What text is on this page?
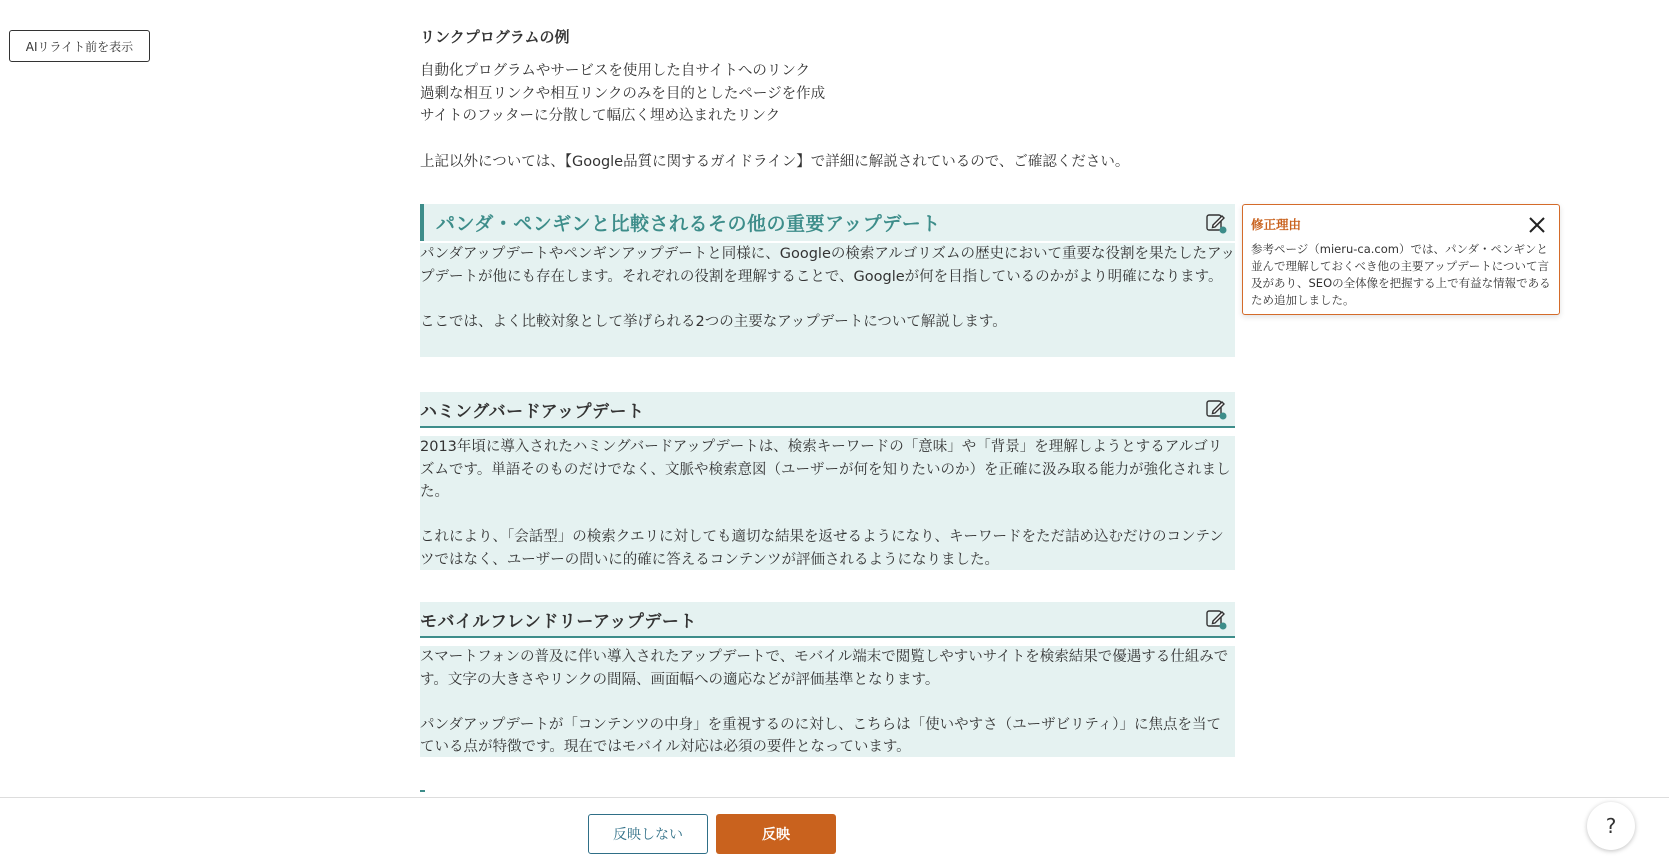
AIリライト前を表示
リンクプログラムの例
自動化プログラムやサービスを使用した自サイトへのリンク
過剰な相互リンクや相互リンクのみを目的としたページを作成
サイトのフッターに分散して幅広く埋め込まれたリンク
上記以外については、【Google品質に関するガイドライン】で詳細に解説されているので、ご確認ください。
パンダ・ペンギンと比較されるその他の重要アップデート

パンダアップデートやペンギンアップデートと同様に、Googleの検索アルゴリズムの歴史において重要な役割を果たしたアップデートが他にも存在します。それぞれの役割を理解することで、Googleが何を目指しているのかがより明確になります。

ここでは、よく比較対象として挙げられる2つの主要なアップデートについて解説します。

ハミングバードアップデート

2013年頃に導入されたハミングバードアップデートは、検索キーワードの「意味」や「背景」を理解しようとするアルゴリズムです。単語そのものだけでなく、文脈や検索意図（ユーザーが何を知りたいのか）を正確に汲み取る能力が強化されました。

これにより、「会話型」の検索クエリに対しても適切な結果を返せるようになり、キーワードをただ詰め込むだけのコンテンツではなく、ユーザーの問いに的確に答えるコンテンツが評価されるようになりました。

モバイルフレンドリーアップデート

スマートフォンの普及に伴い導入されたアップデートで、モバイル端末で閲覧しやすいサイトを検索結果で優遇する仕組みです。文字の大きさやリンクの間隔、画面幅への適応などが評価基準となります。

パンダアップデートが「コンテンツの中身」を重視するのに対し、こちらは「使いやすさ（ユーザビリティ）」に焦点を当てている点が特徴です。現在ではモバイル対応は必須の要件となっています。

修正理由
参考ページ（mieru-ca.com）では、パンダ・ペンギンと並んで理解しておくべき他の主要アップデートについて言及があり、SEOの全体像を把握する上で有益な情報であるため追加しました。
反映しない	反映	?
